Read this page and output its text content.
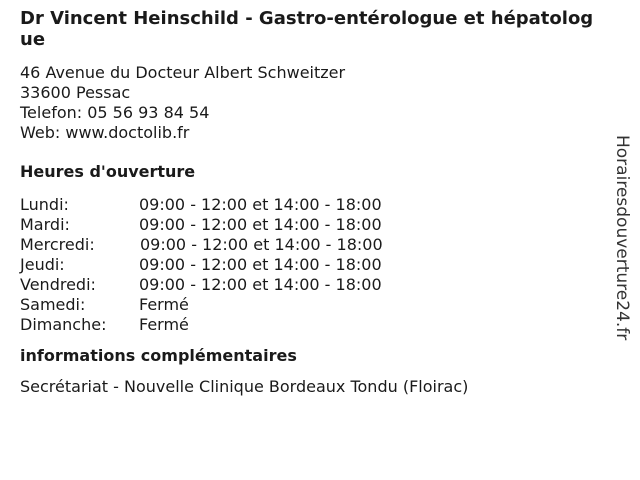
Dr Vincent Heinschild - Gastro-entérologue et hépatologue
46 Avenue du Docteur Albert Schweitzer
33600 Pessac
Telefon: 05 56 93 84 54
Web: www.doctolib.fr
Heures d'ouverture
Lundi:	09:00 - 12:00 et 14:00 - 18:00
Mardi:	09:00 - 12:00 et 14:00 - 18:00
Mercredi:	09:00 - 12:00 et 14:00 - 18:00
Jeudi:	09:00 - 12:00 et 14:00 - 18:00
Vendredi:	09:00 - 12:00 et 14:00 - 18:00
Samedi:	Fermé
Dimanche: Fermé
informations complémentaires
Secrétariat - Nouvelle Clinique Bordeaux Tondu (Floirac)
Horairesdouverture24.fr
